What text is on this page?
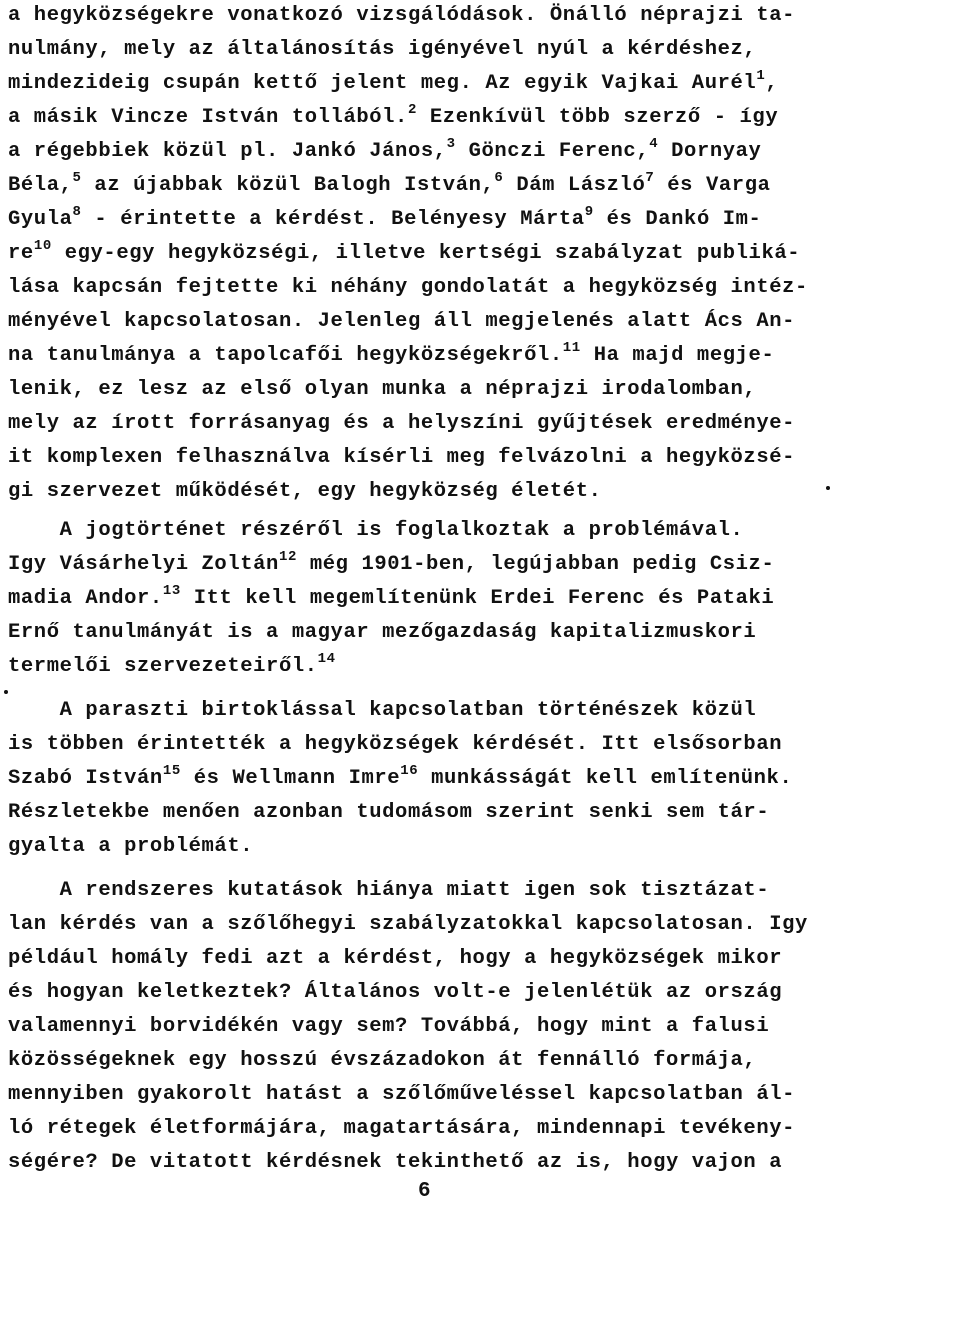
a hegyközségekre vonatkozó vizsgálódások. Önálló néprajzi ta-
nulmány, mely az általánosítás igényével nyúl a kérdéshez,
mindezideig csupán kettő jelent meg. Az egyik Vajkai Aurél$^1$,
a másik Vincze István tollából.$^2$ Ezenkívül több szerző - így
a régebbiek közül pl. Jankó János,$^3$ Gönczi Ferenc,$^4$ Dornyay
Béla,$^5$ az újabbak közül Balogh István,$^6$ Dám László$^7$ és Varga
Gyula$^8$ - érintette a kérdést. Belényesy Márta$^9$ és Dankó Im-
$re^{10}$ egy-egy hegyközségi, illetve kertségi szabályzat publiká-
lása kapcsán fejtette ki néhány gondolatát a hegyközség intéz-
ményével kapcsolatosan. Jelenleg áll megjelenés alatt Ács An-
na tanulmánya a tapolcafői hegyközségekről.$^{11}$ Ha majd megje-
lenik, ez lesz az első olyan munka a néprajzi irodalomban,
mely az írott forrásanyag és a helyszíni gyűjtések eredménye-
it komplexen felhasználva kísérli meg felvázolni a hegyközsé-
gi szervezet működését, egy hegyközség életét.
A jogtörténet részéről is foglalkoztak a problémával.
Igy Vásárhelyi Zoltán$^{12}$ még 1901-ben, legújabban pedig Csiz-
madia Andor.$^{13}$ Itt kell megemlítenünk Erdei Ferenc és Pataki
Ernő tanulmányát is a magyar mezőgazdaság kapitalizmuskori
termelői szervezeteiről.$^{14}$
A paraszti birtoklással kapcsolatban történészek közül
is többen érintették a hegyközségek kérdését. Itt elsősorban
Szabó István$^{15}$ és Wellmann Imre$^{16}$ munkásságát kell említenünk.
Részletekbe menően azonban tudomásom szerint senki sem tár-
gyalta a problémát.
A rendszeres kutatások hiánya miatt igen sok tisztázat-
lan kérdés van a szőlőhegyi szabályzatokkal kapcsolatosan. Igy
például homály fedi azt a kérdést, hogy a hegyközségek mikor
és hogyan keletkeztek? Általános volt-e jelenlétük az ország
valamennyi borvidékén vagy sem? Továbbá, hogy mint a falusi
közösségeknek egy hosszú évszázadokon át fennálló formája,
mennyiben gyakorolt hatást a szőlőműveléssel kapcsolatban ál-
ló rétegek életformájára, magatartására, mindennapi tevékeny-
ségére? De vitatott kérdésnek tekinthető az is, hogy vajon a
6
